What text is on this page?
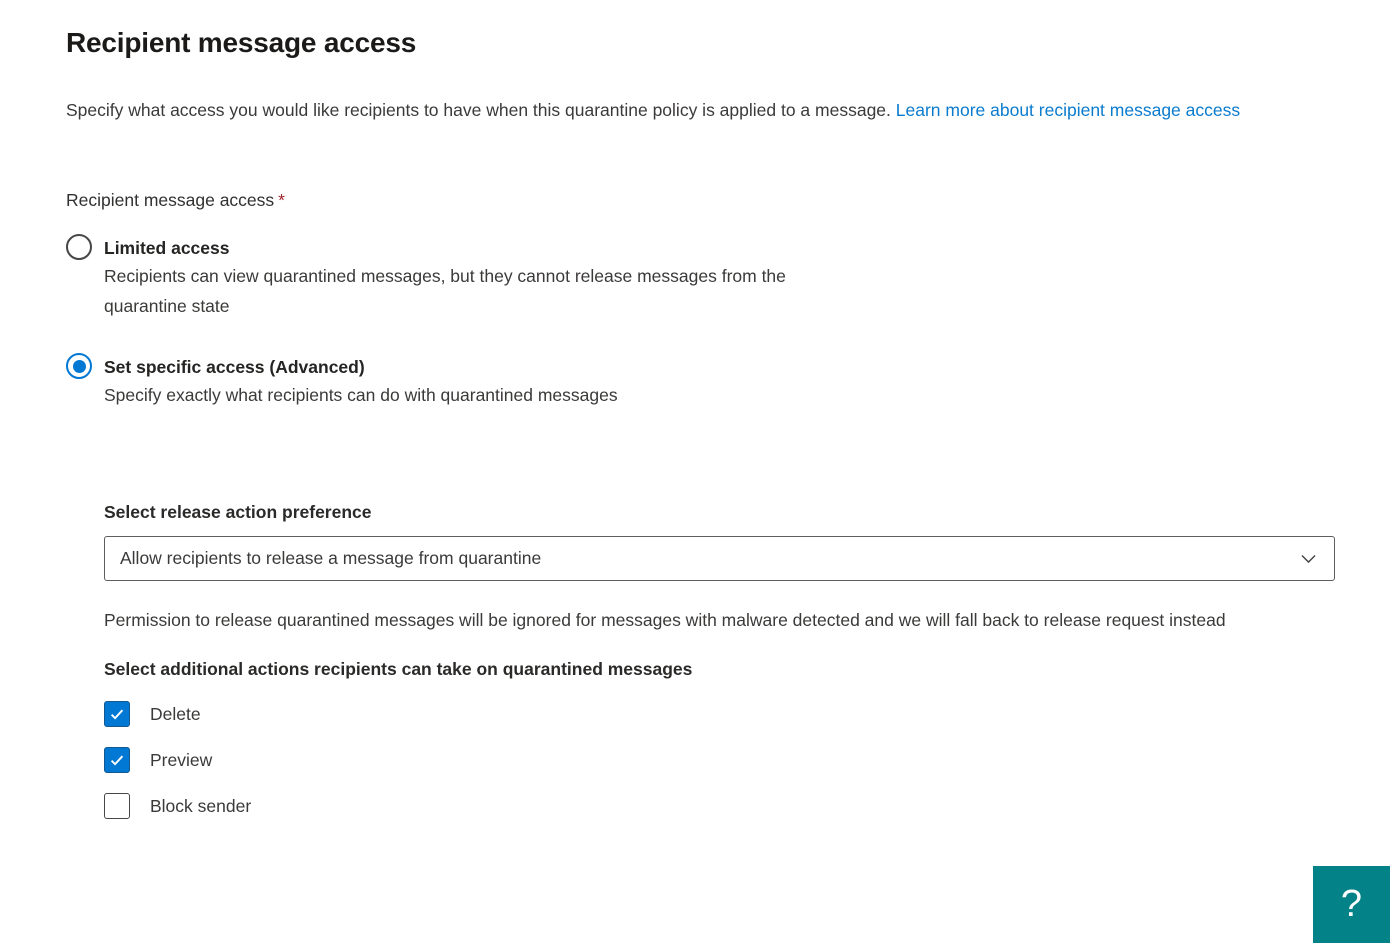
Recipient message access
Specify what access you would like recipients to have when this quarantine policy is applied to a message. Learn more about recipient message access
Recipient message access *
Limited access
Recipients can view quarantined messages, but they cannot release messages from the quarantine state
Set specific access (Advanced)
Specify exactly what recipients can do with quarantined messages
Select release action preference
Allow recipients to release a message from quarantine
Permission to release quarantined messages will be ignored for messages with malware detected and we will fall back to release request instead
Select additional actions recipients can take on quarantined messages
Delete
Preview
Block sender
?
